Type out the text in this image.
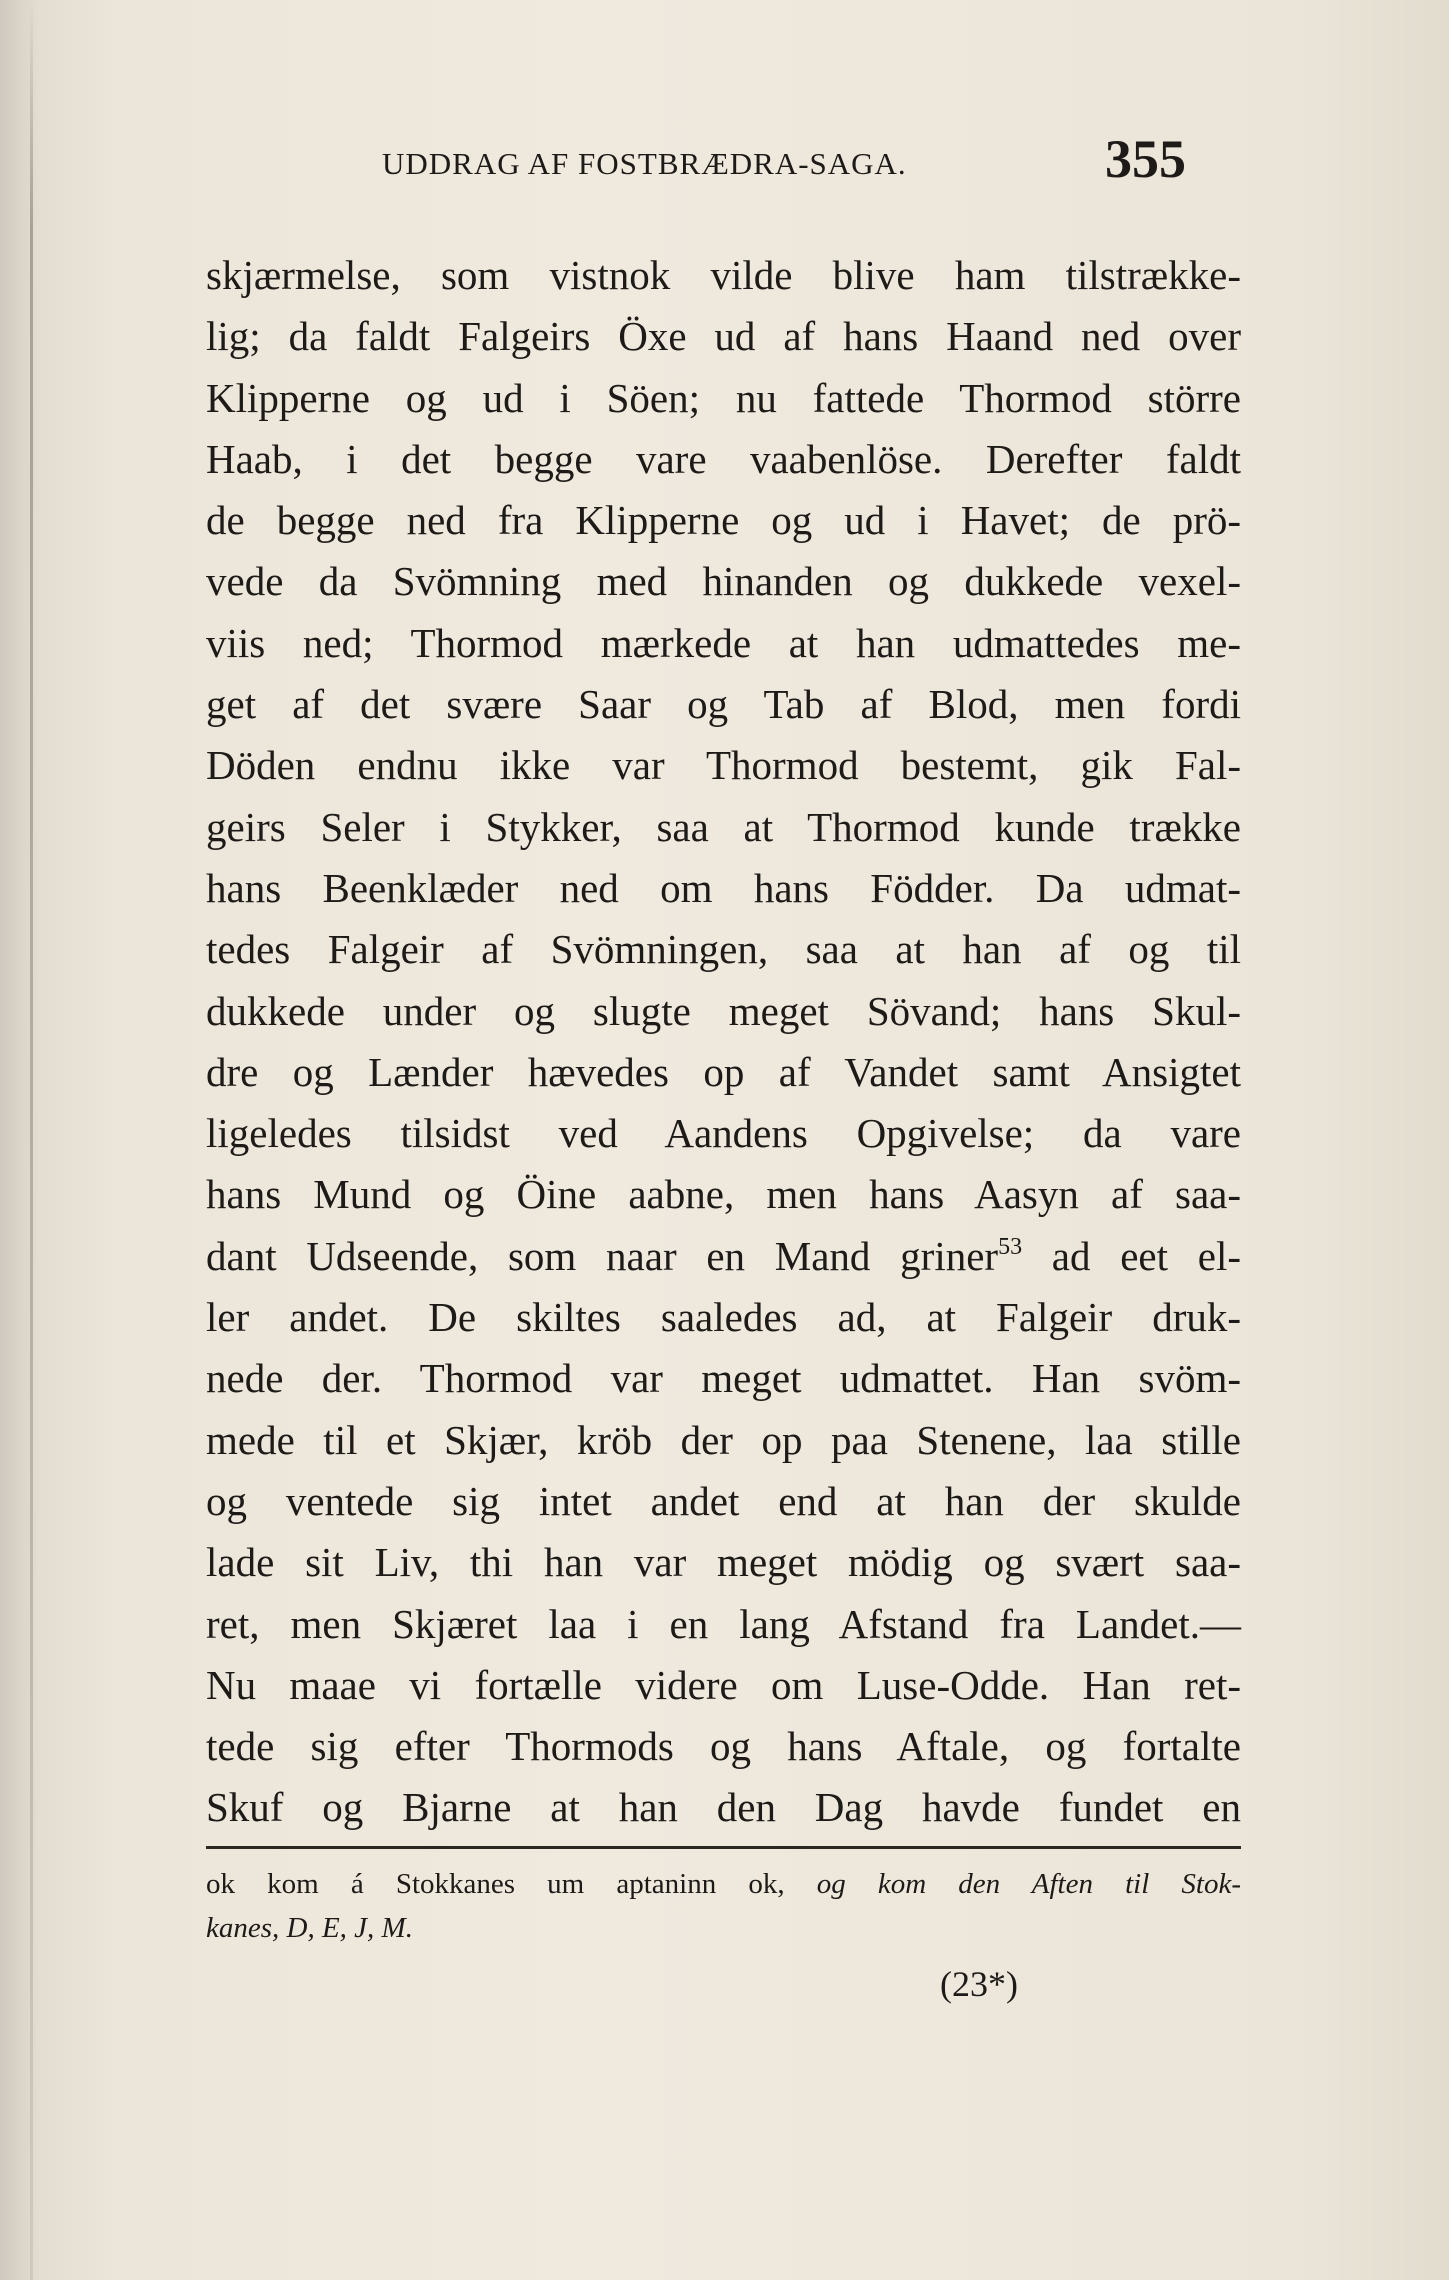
UDDRAG AF FOSTBRÆDRA-SAGA.	355
skjærmelse, som vistnok vilde blive ham tilstrække-
lig; da faldt Falgeirs Öxe ud af hans Haand ned over
Klipperne og ud i Söen; nu fattede Thormod större
Haab, i det begge vare vaabenlöse. Derefter faldt
de begge ned fra Klipperne og ud i Havet; de prö-
vede da Svömning med hinanden og dukkede vexel-
viis ned; Thormod mærkede at han udmattedes me-
get af det svære Saar og Tab af Blod, men fordi
Döden endnu ikke var Thormod bestemt, gik Fal-
geirs Seler i Stykker, saa at Thormod kunde trække
hans Beenklæder ned om hans Födder. Da udmat-
tedes Falgeir af Svömningen, saa at han af og til
dukkede under og slugte meget Sövand; hans Skul-
dre og Lænder hævedes op af Vandet samt Ansigtet
ligeledes tilsidst ved Aandens Opgivelse; da vare
hans Mund og Öine aabne, men hans Aasyn af saa-
dant Udseende, som naar en Mand griner$^{53}$ ad eet el-
ler andet. De skiltes saaledes ad, at Falgeir druk-
nede der. Thormod var meget udmattet. Han svöm-
mede til et Skjær, kröb der op paa Stenene, laa stille
og ventede sig intet andet end at han der skulde
lade sit Liv, thi han var meget mödig og svært saa-
ret, men Skjæret laa i en lang Afstand fra Landet.—
Nu maae vi fortælle videre om Luse-Odde. Han ret-
tede sig efter Thormods og hans Aftale, og fortalte
Skuf og Bjarne at han den Dag havde fundet en
ok kom á Stokkanes um aptaninn ok, og kom den Aften til Stok-
kanes, D, E, J, M.
(23*)
